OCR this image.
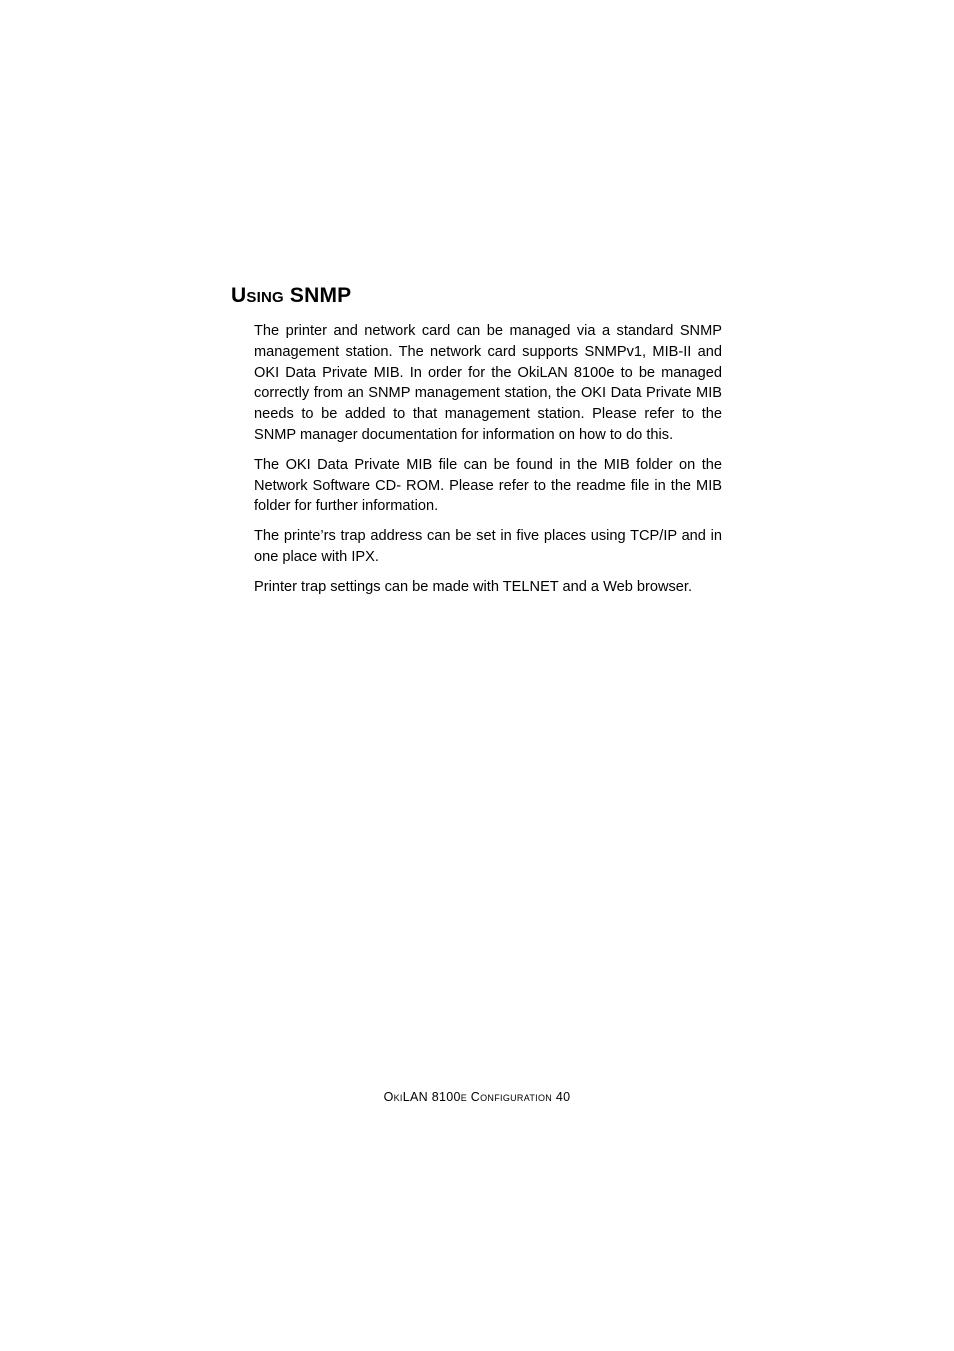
Using SNMP

The printer and network card can be managed via a standard SNMP management station. The network card supports SNMPv1, MIB-II and OKI Data Private MIB. In order for the OkiLAN 8100e to be managed correctly from an SNMP management station, the OKI Data Private MIB needs to be added to that management station. Please refer to the SNMP manager documentation for information on how to do this.

The OKI Data Private MIB file can be found in the MIB folder on the Network Software CD- ROM. Please refer to the readme file in the MIB folder for further information.

The printe’rs trap address can be set in five places using TCP/IP and in one place with IPX.

Printer trap settings can be made with TELNET and a Web browser.

OkiLAN 8100e Configuration 40
